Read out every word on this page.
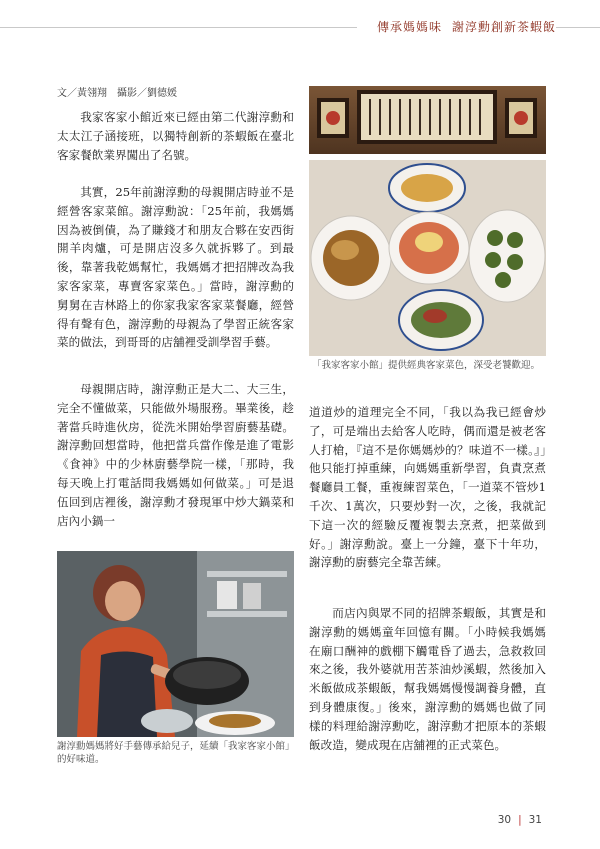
傳承媽媽味 謝淳勳創新茶蝦飯
文／黃翎翔　攝影／劉德媛

我家客家小館近來已經由第二代謝淳勳和太太江子涵接班，以獨特創新的茶蝦飯在臺北客家餐飲業界闖出了名號。

其實，25年前謝淳勳的母親開店時並不是經營客家菜館。謝淳勳說：「25年前，我媽媽因為被倒債，為了賺錢才和朋友合夥在安西街開羊肉爐，可是開店沒多久就拆夥了。到最後，靠著我乾媽幫忙，我媽媽才把招牌改為我家客家菜，專賣客家菜色。」當時，謝淳勳的舅舅在吉林路上的你家我家客家菜餐廳，經營得有聲有色，謝淳勳的母親為了學習正統客家菜的做法，到哥哥的店舖裡受訓學習手藝。

母親開店時，謝淳勳正是大二、大三生，完全不懂做菜，只能做外場服務。畢業後，趁著當兵時進伙房，從洗米開始學習廚藝基礎。謝淳勳回想當時，他把當兵當作像是進了電影《食神》中的少林廚藝學院一樣，「那時，我每天晚上打電話問我媽媽如何做菜。」可是退伍回到店裡後，謝淳勳才發現軍中炒大鍋菜和店內小鍋一

道道炒的道理完全不同，「我以為我已經會炒了，可是端出去給客人吃時，偶而還是被老客人打槍，『這不是你媽媽炒的？味道不一樣。』」他只能打掉重練，向媽媽重新學習，負責烹煮餐廳員工餐，重複練習菜色，「一道菜不管炒1千次、1萬次，只要炒對一次，之後，我就記下這一次的經驗反覆複製去烹煮，把菜做到好。」謝淳勳說。臺上一分鐘，臺下十年功，謝淳勳的廚藝完全靠苦練。

而店內與眾不同的招牌茶蝦飯，其實是和謝淳勳的媽媽童年回憶有關。「小時候我媽媽在廟口酬神的戲棚下觸電昏了過去，急救救回來之後，我外婆就用苦茶油炒溪蝦，然後加入米飯做成茶蝦飯，幫我媽媽慢慢調養身體，直到身體康復。」後來，謝淳勳的媽媽也做了同樣的料理給謝淳勳吃，謝淳勳才把原本的茶蝦飯改造，變成現在店舖裡的正式菜色。

「我家客家小館」提供經典客家菜色，深受老饕歡迎。
謝淳勳媽媽將好手藝傳承給兒子，延續「我家客家小館」的好味道。
30 | 31
